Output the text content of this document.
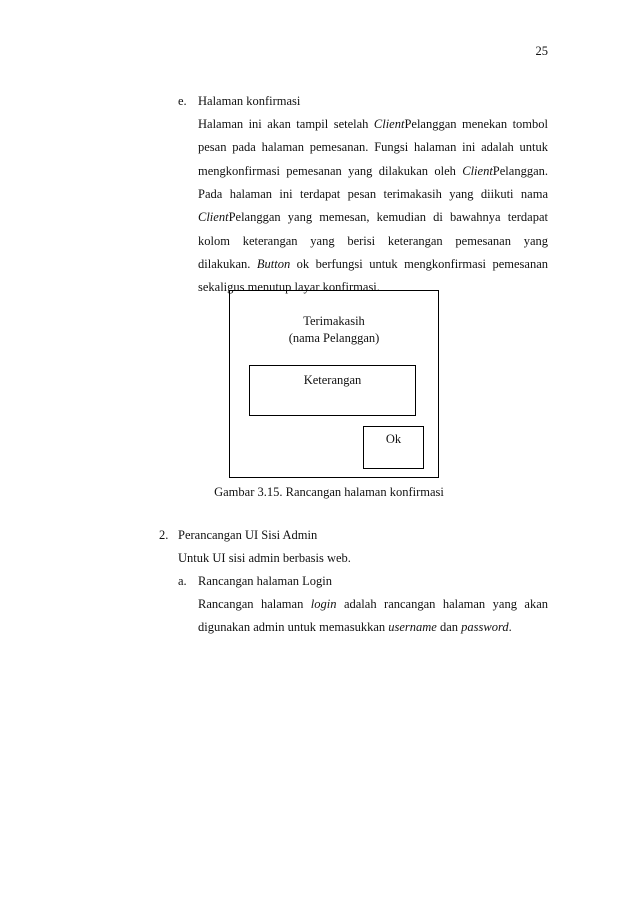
25
e. Halaman konfirmasi
Halaman ini akan tampil setelah ClientPelanggan menekan tombol
pesan pada halaman pemesanan. Fungsi halaman ini adalah untuk
mengkonfirmasi pemesanan yang dilakukan oleh ClientPelanggan.
Pada halaman ini terdapat pesan terimakasih yang diikuti nama
ClientPelanggan yang memesan, kemudian di bawahnya terdapat
kolom keterangan yang berisi keterangan pemesanan yang
dilakukan. Button ok berfungsi untuk mengkonfirmasi pemesanan
sekaligus menutup layar konfirmasi.
Terimakasih
(nama Pelanggan)
Keterangan
Ok
Gambar 3.15. Rancangan halaman konfirmasi
2. Perancangan UI Sisi Admin
Untuk UI sisi admin berbasis web.
a. Rancangan halaman Login
Rancangan halaman login adalah rancangan halaman yang akan
digunakan admin untuk memasukkan username dan password.
